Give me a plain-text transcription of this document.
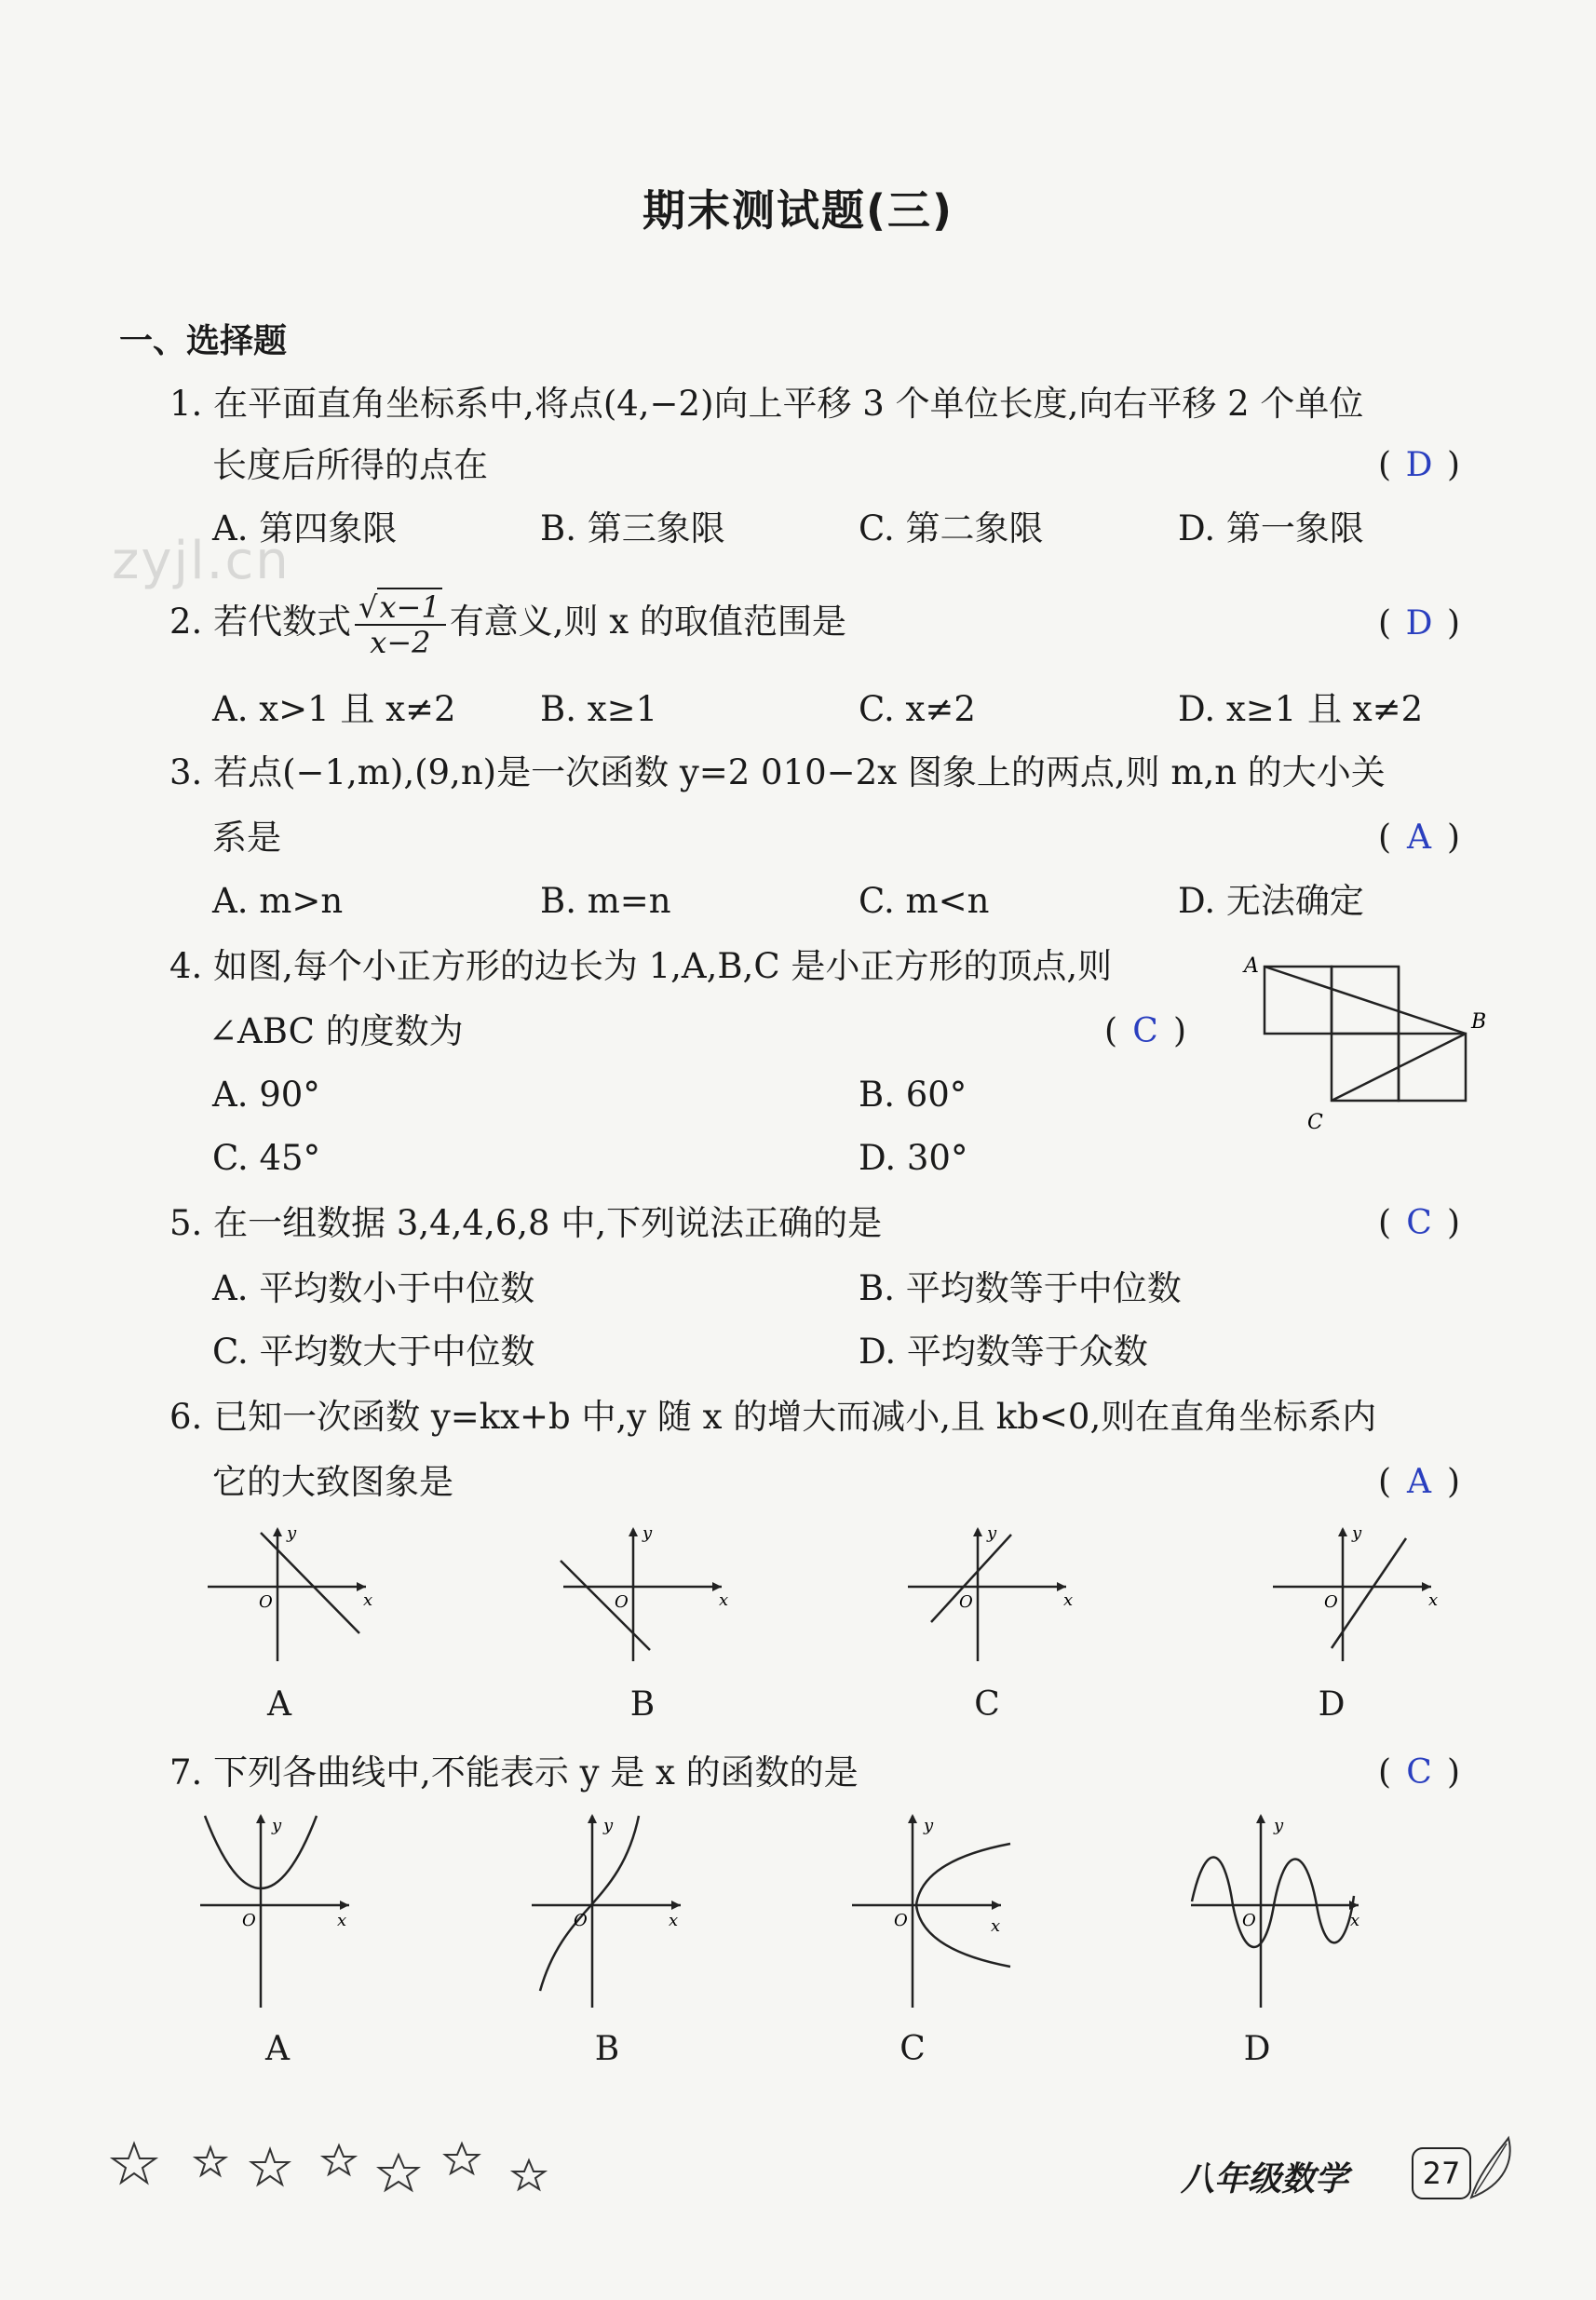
期末测试题(三)
一、选择题
zyjl.cn
1. 在平面直角坐标系中,将点(4,−2)向上平移 3 个单位长度,向右平移 2 个单位
长度后所得的点在	( D )
A. 第四象限	B. 第三象限	C. 第二象限	D. 第一象限
2. 若代数式 $\frac{√x-1}{x-2}$ 有意义,则 x 的取值范围是	( D )
A. x>1 且 x≠2 B. x≥1	C. x≠2	D. x≥1 且 x≠2
3. 若点(−1,m),(9,n)是一次函数 y=2 010−2x 图象上的两点,则 m,n 的大小关
系是	( A )
A. m>n	B. m=n	C. m<n	D. 无法确定
4. 如图,每个小正方形的边长为 1,A,B,C 是小正方形的顶点,则
∠ABC 的度数为	( C )
A. 90°	B. 60°
C. 45°	D. 30°
A
B
C
5. 在一组数据 3,4,4,6,8 中,下列说法正确的是	( C )
A. 平均数小于中位数	B. 平均数等于中位数
C. 平均数大于中位数	D. 平均数等于众数
6. 已知一次函数 y=kx+b 中,y 随 x 的增大而减小,且 kb<0,则在直角坐标系内
它的大致图象是	( A )
y
x
O
y
x
O
y
x
O
y
x
O
A	B	C	D
7. 下列各曲线中,不能表示 y 是 x 的函数的是	( C )
y
x
O
y
x
O
y
x
O
y
x
O
A	B	C	D
八年级数学	27
